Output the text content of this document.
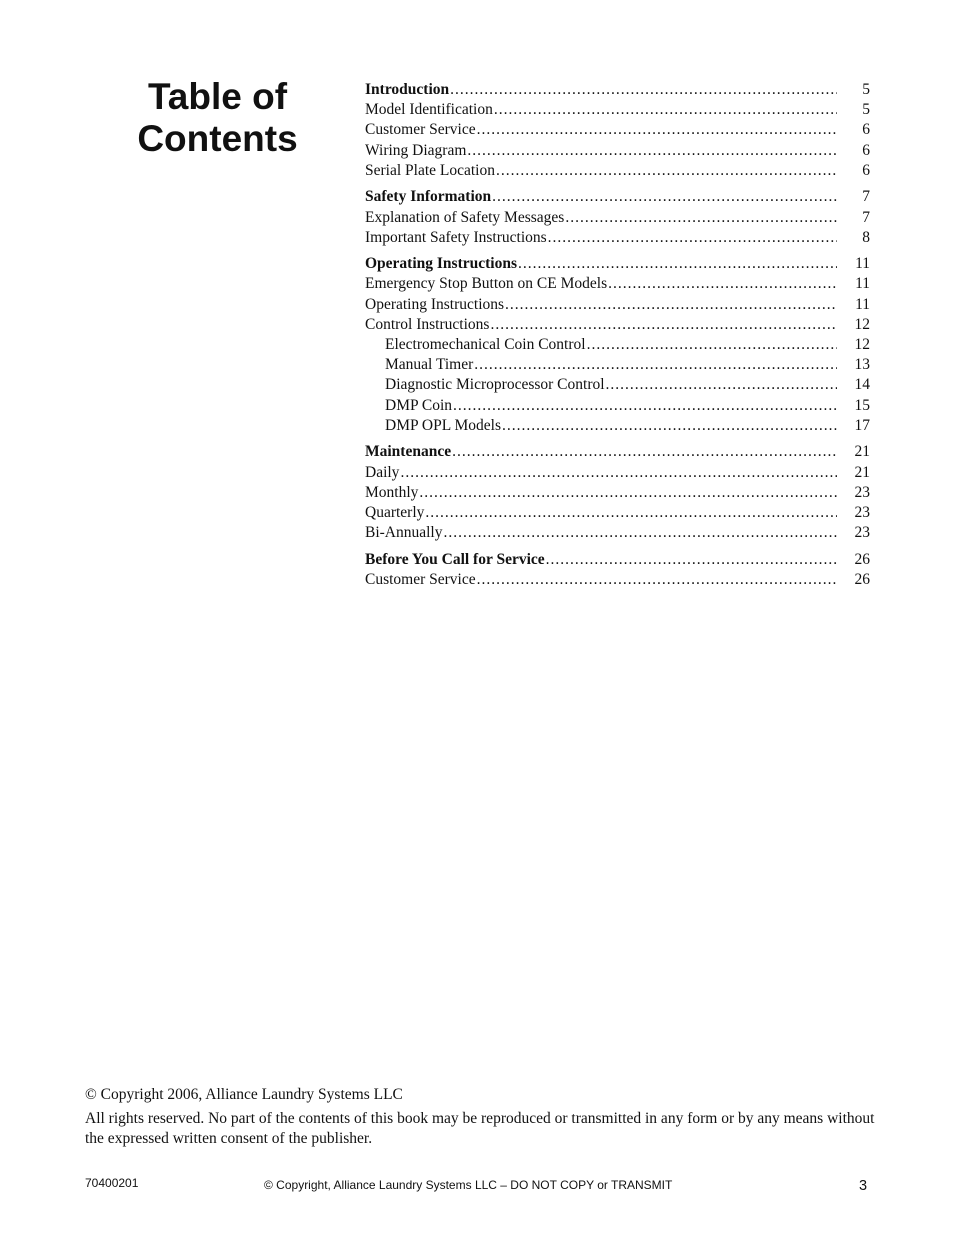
Table of
Contents
Introduction .....	5
Model Identification .....	5
Customer Service .....	6
Wiring Diagram .....	6
Serial Plate Location .....	6
Safety Information .....	7
Explanation of Safety Messages .....	7
Important Safety Instructions .....	8
Operating Instructions .....	11
Emergency Stop Button on CE Models .....	11
Operating Instructions .....	11
Control Instructions .....	12
Electromechanical Coin Control .....	12
Manual Timer .....	13
Diagnostic Microprocessor Control .....	14
DMP Coin .....	15
DMP OPL Models .....	17
Maintenance .....	21
Daily .....	21
Monthly .....	23
Quarterly .....	23
Bi-Annually .....	23
Before You Call for Service .....	26
Customer Service .....	26

© Copyright 2006, Alliance Laundry Systems LLC

All rights reserved. No part of the contents of this book may be reproduced or transmitted in any form or by any means without the expressed written consent of the publisher.

70400201	© Copyright, Alliance Laundry Systems LLC – DO NOT COPY or TRANSMIT	3
